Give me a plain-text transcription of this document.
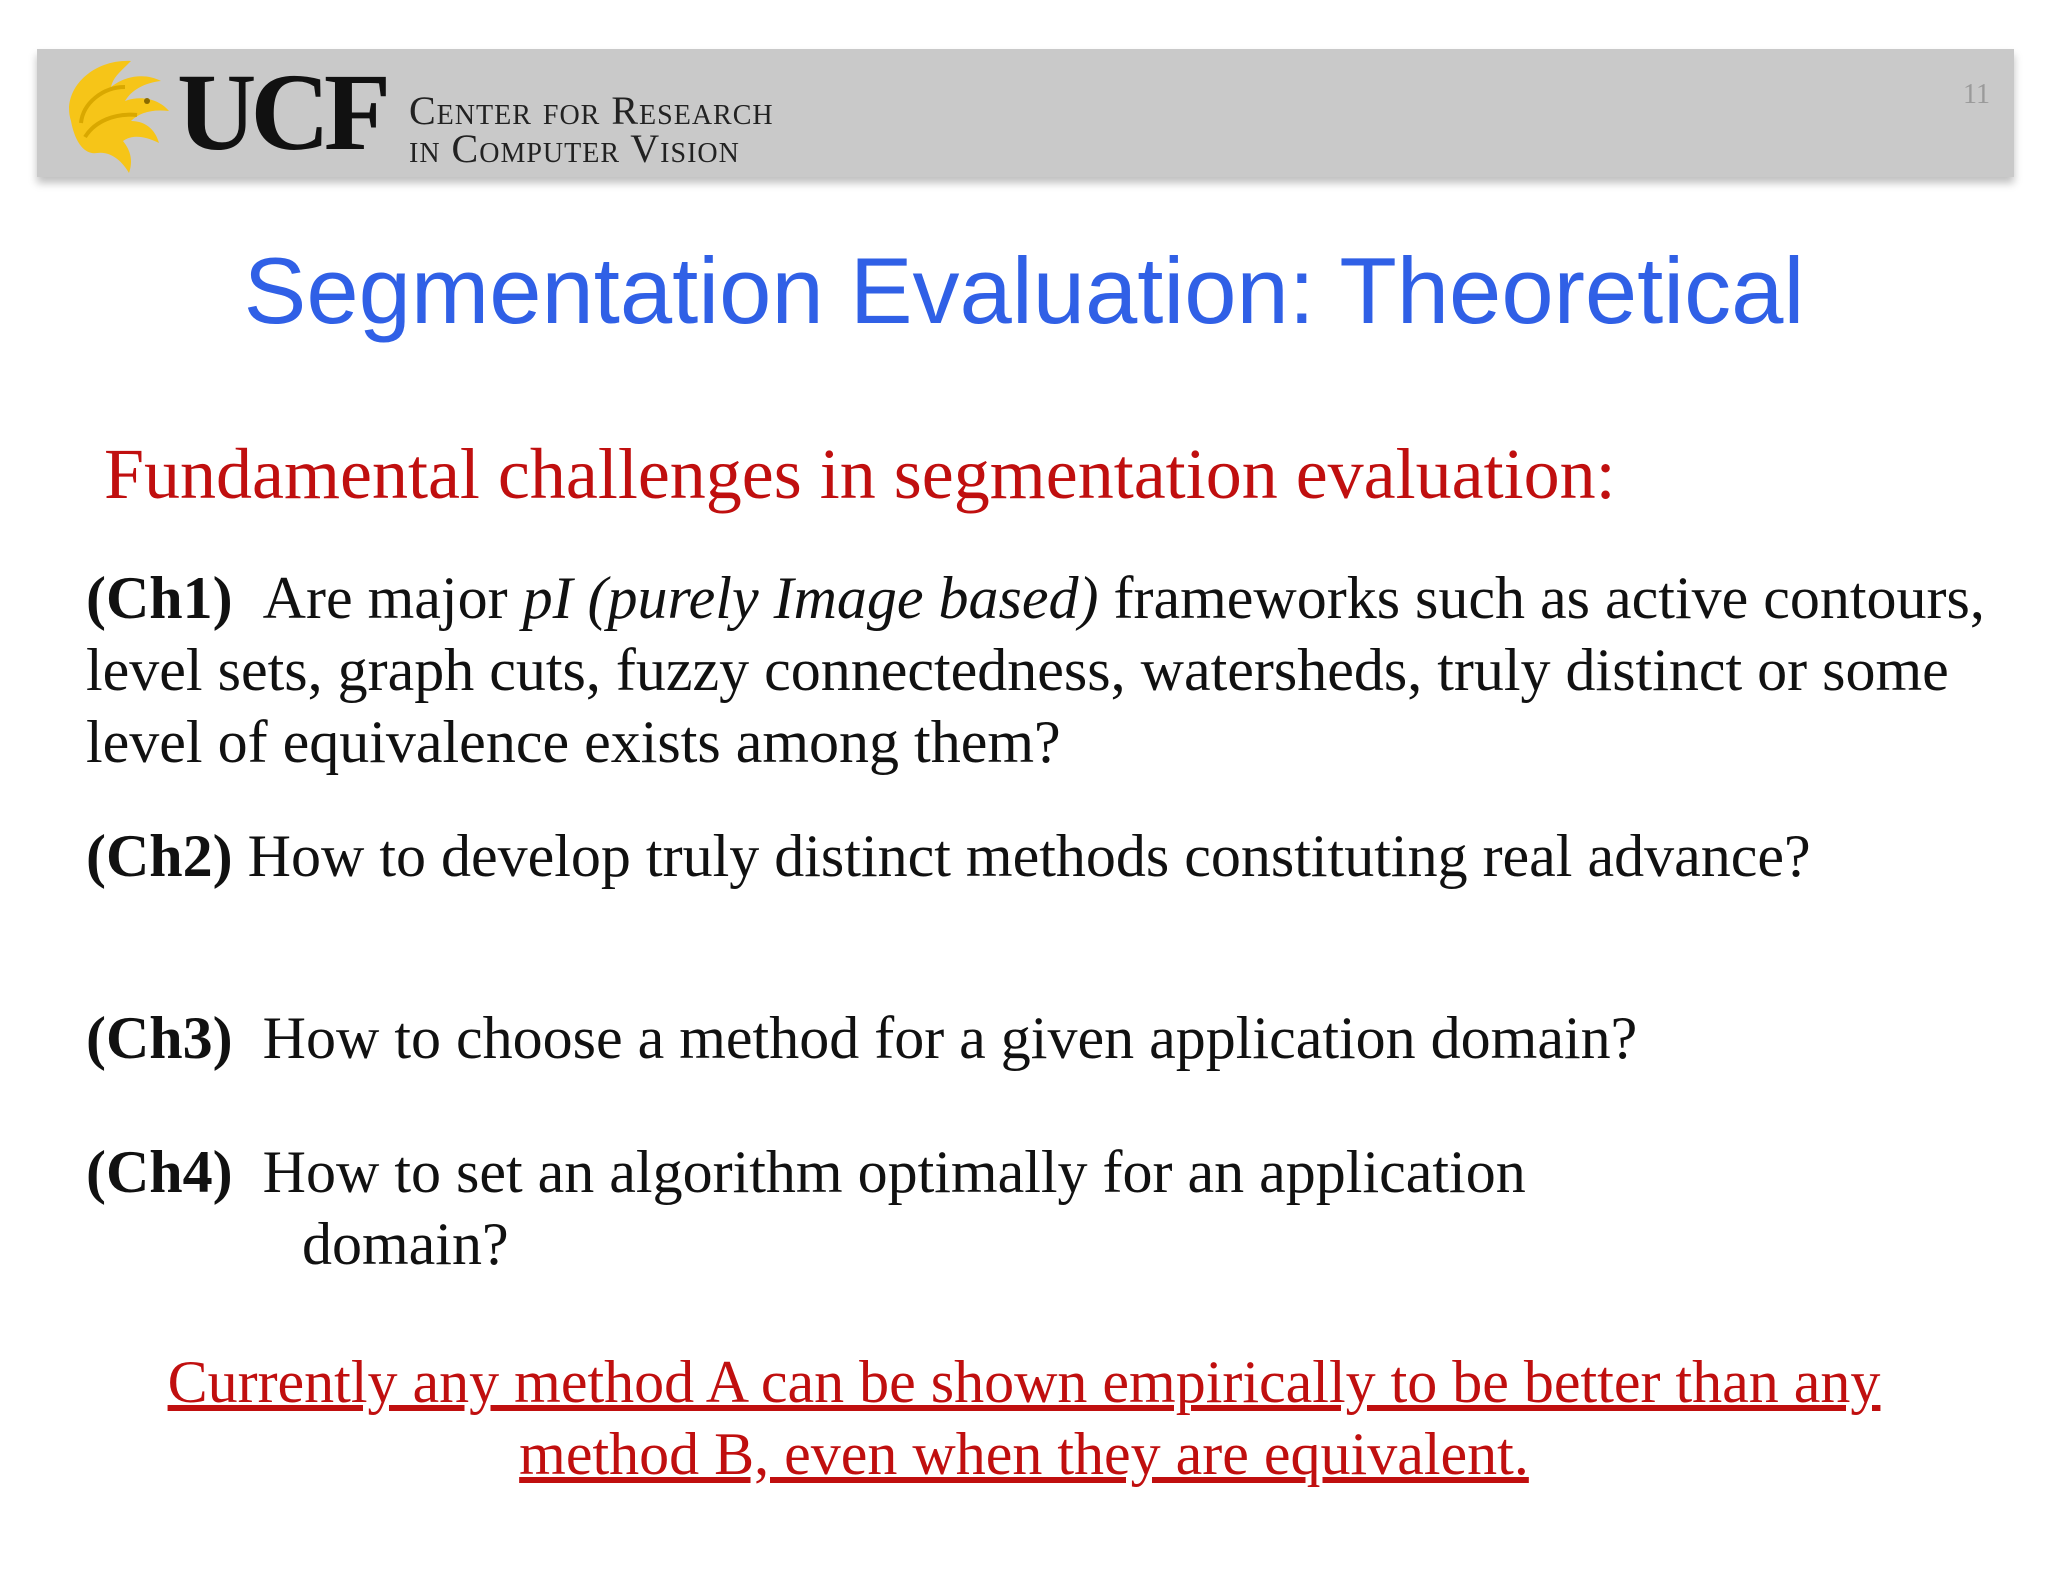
UCF Center for Research
in Computer Vision
11
Segmentation Evaluation: Theoretical
Fundamental challenges in segmentation evaluation:
(Ch1) Are major pI (purely Image based) frameworks such as active contours, level sets, graph cuts, fuzzy connectedness, watersheds, truly distinct or some level of equivalence exists among them?
(Ch2) How to develop truly distinct methods constituting real advance?
(Ch3) How to choose a method for a given application domain?
(Ch4) How to set an algorithm optimally for an application
domain?
Currently any method A can be shown empirically to be better than any
method B, even when they are equivalent.
